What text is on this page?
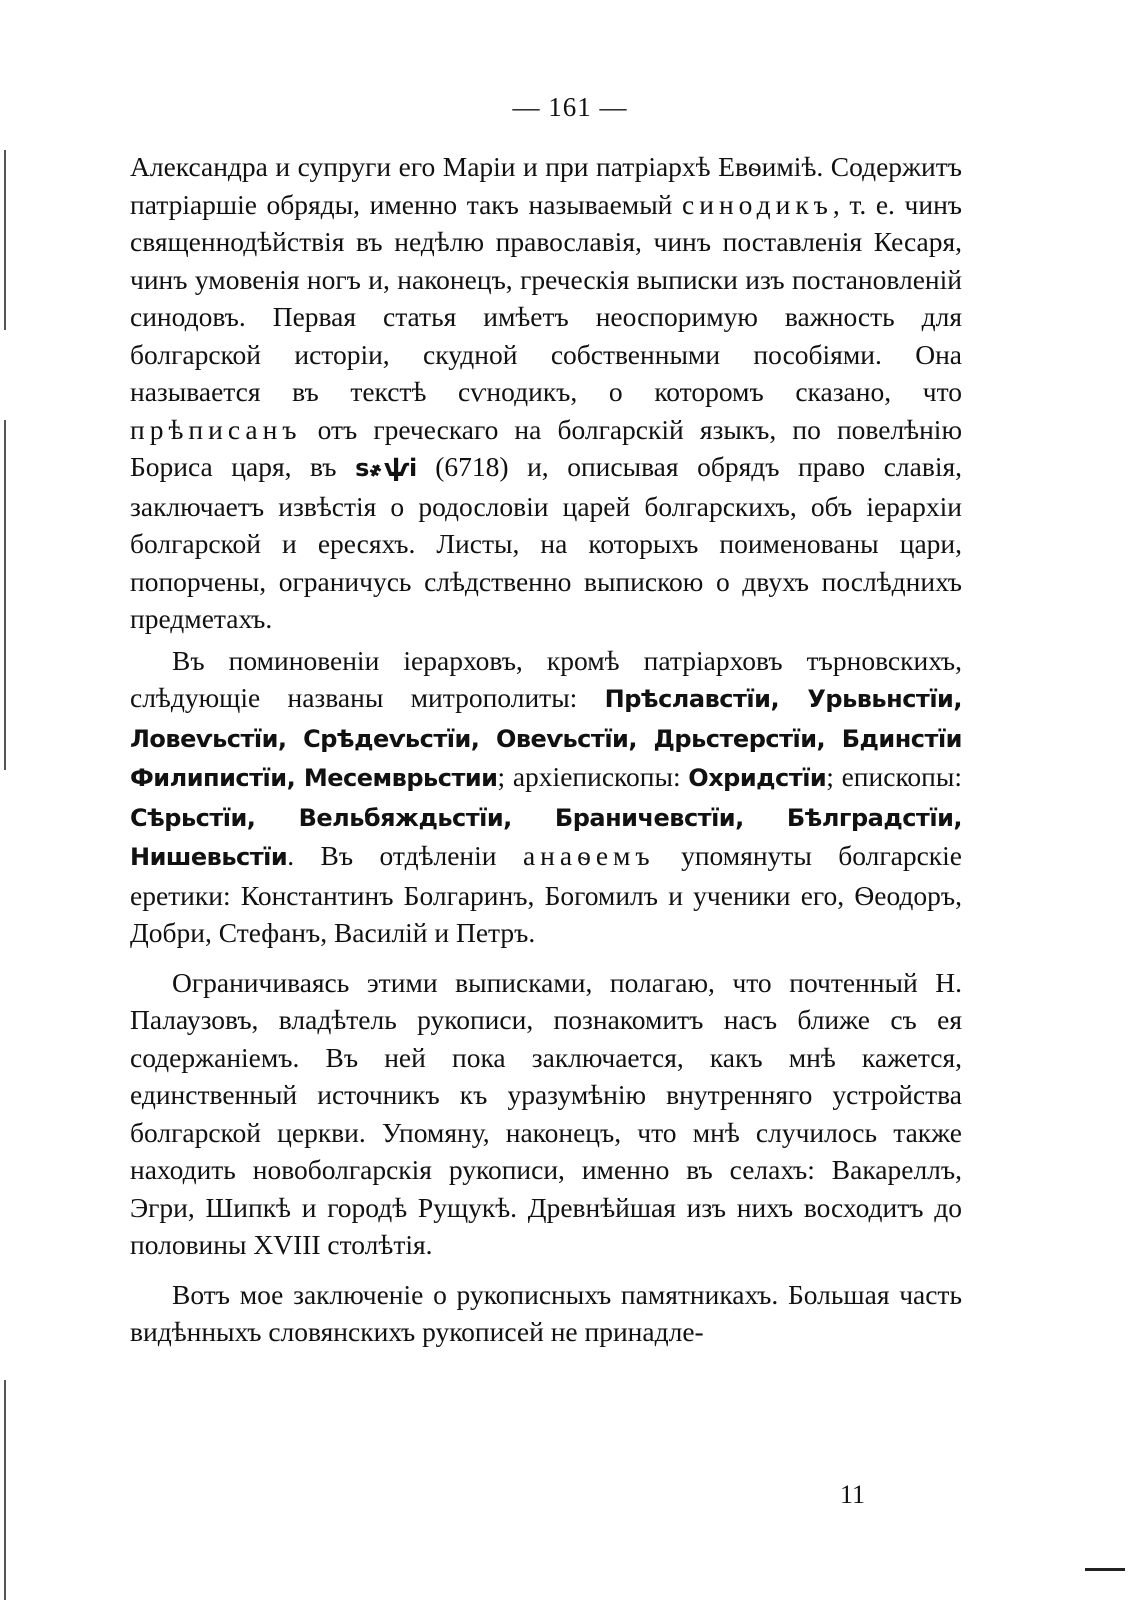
— 161 —

Александра и супруги его Маріи и при патріархѣ Евѳиміѣ. Содержитъ патріаршіе обряды, именно такъ называемый синодикъ, т. е. чинъ священнодѣйствія въ недѣлю православія, чинъ поставленія Кесаря, чинъ умовенія ногъ и, наконецъ, греческія выписки изъ постановленій синодовъ. Первая статья имѣетъ неоспоримую важность для болгарской исторіи, скудной собственными пособіями. Она называется въ текстѣ сѵнодикъ, о которомъ сказано, что прѣписанъ отъ греческаго на болгарскій языкъ, по повелѣнію Бориса царя, въ ѕ҂ѱі (6718) и, описывая обрядъ право славія, заключаетъ извѣстія о родословіи царей болгарскихъ, объ іерархіи болгарской и ересяхъ. Листы, на которыхъ поименованы цари, попорчены, ограничусь слѣдственно выпискою о двухъ послѣднихъ предметахъ.

Въ поминовеніи іерарховъ, кромѣ патріарховъ търновскихъ, слѣдующіе названы митрополиты: Прѣславстїи, Урьвьнстїи, Ловеѵьстїи, Срѣдеѵьстїи, Овеѵьстїи, Дрьстерстїи, Бдинстїи Филипистїи, Месемврьстии; архіепископы: Охридстїи; епископы: Сѣрьстїи, Вельбяждьстїи, Браничевстїи, Бѣлградстїи, Нишевьстїи. Въ отдѣленіи анаѳемъ упомянуты болгарскіе еретики: Константинъ Болгаринъ, Богомилъ и ученики его, Ѳеодоръ, Добри, Стефанъ, Василій и Петръ.

Ограничиваясь этими выписками, полагаю, что почтенный Н. Палаузовъ, владѣтель рукописи, познакомитъ насъ ближе съ ея содержаніемъ. Въ ней пока заключается, какъ мнѣ кажется, единственный источникъ къ уразумѣнію внутренняго устройства болгарской церкви. Упомяну, наконецъ, что мнѣ случилось также находить новоболгарскія рукописи, именно въ селахъ: Вакареллъ, Эгри, Шипкѣ и городѣ Рущукѣ. Древнѣйшая изъ нихъ восходитъ до половины XVIII столѣтія.

Вотъ мое заключеніе о рукописныхъ памятникахъ. Большая часть видѣнныхъ словянскихъ рукописей не принадле-

11
